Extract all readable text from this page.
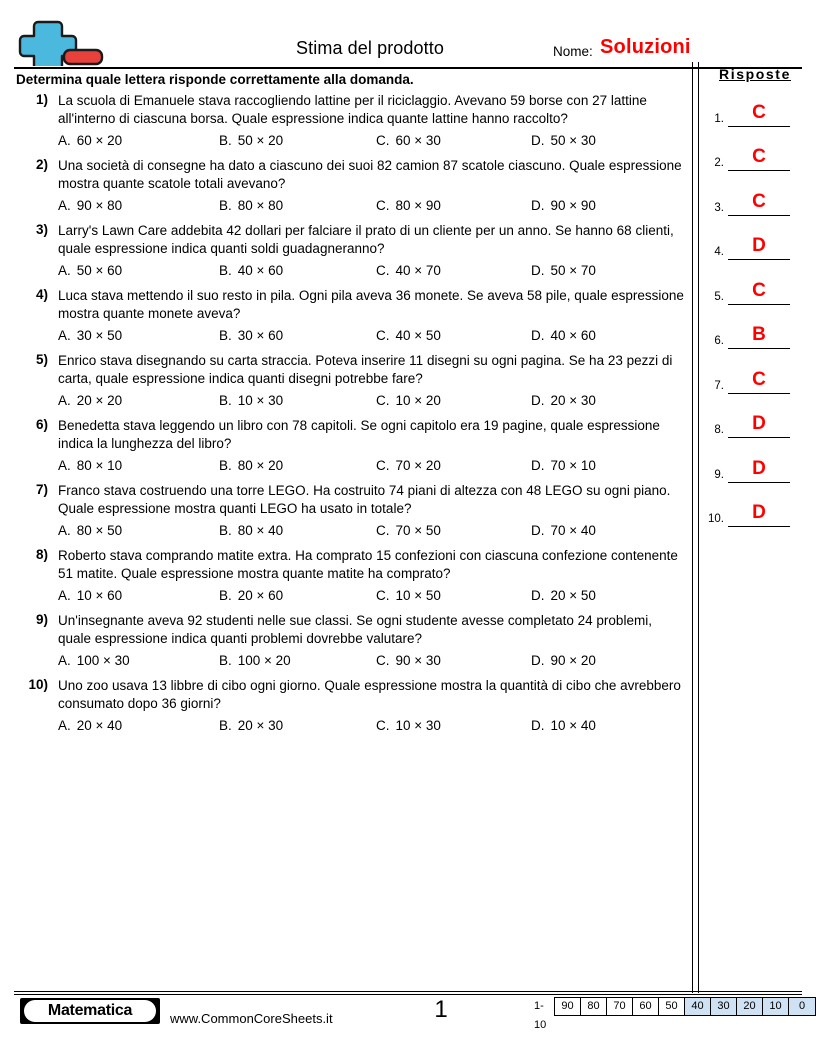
Stima del prodotto	Nome: Soluzioni
Determina quale lettera risponde correttamente alla domanda.	Risposte
1.	C
2.	C
3.	C
4.	D
5.	C
6.	B
7.	C
8.	D
9.	D
10.	D
1) La scuola di Emanuele stava raccogliendo lattine per il riciclaggio. Avevano 59 borse con 27 lattine all'interno di ciascuna borsa. Quale espressione indica quante lattine hanno raccolto?
A. 60 × 20	B. 50 × 20	C. 60 × 30	D. 50 × 30
2) Una società di consegne ha dato a ciascuno dei suoi 82 camion 87 scatole ciascuno. Quale espressione mostra quante scatole totali avevano?
A. 90 × 80	B. 80 × 80	C. 80 × 90	D. 90 × 90
3) Larry's Lawn Care addebita 42 dollari per falciare il prato di un cliente per un anno. Se hanno 68 clienti, quale espressione indica quanti soldi guadagneranno?
A. 50 × 60	B. 40 × 60	C. 40 × 70	D. 50 × 70
4) Luca stava mettendo il suo resto in pila. Ogni pila aveva 36 monete. Se aveva 58 pile, quale espressione mostra quante monete aveva?
A. 30 × 50	B. 30 × 60	C. 40 × 50	D. 40 × 60
5) Enrico stava disegnando su carta straccia. Poteva inserire 11 disegni su ogni pagina. Se ha 23 pezzi di carta, quale espressione indica quanti disegni potrebbe fare?
A. 20 × 20	B. 10 × 30	C. 10 × 20	D. 20 × 30
6) Benedetta stava leggendo un libro con 78 capitoli. Se ogni capitolo era 19 pagine, quale espressione indica la lunghezza del libro?
A. 80 × 10	B. 80 × 20	C. 70 × 20	D. 70 × 10
7) Franco stava costruendo una torre LEGO. Ha costruito 74 piani di altezza con 48 LEGO su ogni piano. Quale espressione mostra quanti LEGO ha usato in totale?
A. 80 × 50	B. 80 × 40	C. 70 × 50	D. 70 × 40
8) Roberto stava comprando matite extra. Ha comprato 15 confezioni con ciascuna confezione contenente 51 matite. Quale espressione mostra quante matite ha comprato?
A. 10 × 60	B. 20 × 60	C. 10 × 50	D. 20 × 50
9) Un'insegnante aveva 92 studenti nelle sue classi. Se ogni studente avesse completato 24 problemi, quale espressione indica quanti problemi dovrebbe valutare?
A. 100 × 30	B. 100 × 20	C. 90 × 30	D. 90 × 20
10) Uno zoo usava 13 libbre di cibo ogni giorno. Quale espressione mostra la quantità di cibo che avrebbero consumato dopo 36 giorni?
A. 20 × 40	B. 20 × 30	C. 10 × 30	D. 10 × 40
Matematica	www.CommonCoreSheets.it	1	1-10
90	80	70	60	50	40	30	20	10	0
